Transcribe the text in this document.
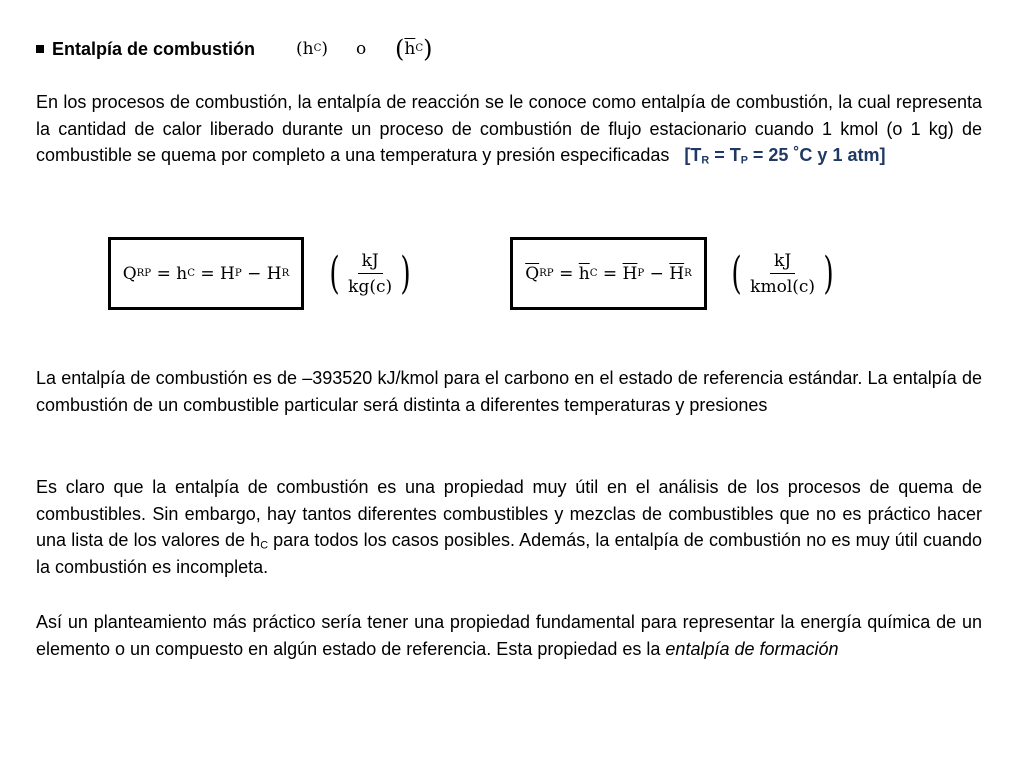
Entalpía de combustión ( h C ) o ( $\overline{h}$ C )
En los procesos de combustión, la entalpía de reacción se le conoce como entalpía de combustión, la cual representa la cantidad de calor liberado durante un proceso de combustión de flujo estacionario cuando 1 kmol (o 1 kg) de combustible se quema por completo a una temperatura y presión especificadas [$T_R = T_P = 25$ ˚C y 1 atm]
Q RP = h C = H P − H R ( $\frac{kJ}{kg(c)}$ )	$\overline{Q}$ RP = $\overline{h}$ $C = \overline{H}$ $P - \overline{H}$ R ( $\frac{kJ}{\text{kmol(c)}}$ )
La entalpía de combustión es de –393520 kJ/kmol para el carbono en el estado de referencia estándar. La entalpía de combustión de un combustible particular será distinta a diferentes temperaturas y presiones
Es claro que la entalpía de combustión es una propiedad muy útil en el análisis de los procesos de quema de combustibles. Sin embargo, hay tantos diferentes combustibles y mezclas de combustibles que no es práctico hacer una lista de los valores de $h_C$ para todos los casos posibles. Además, la entalpía de combustión no es muy útil cuando la combustión es incompleta.
Así un planteamiento más práctico sería tener una propiedad fundamental para representar la energía química de un elemento o un compuesto en algún estado de referencia. Esta propiedad es la entalpía de formación
